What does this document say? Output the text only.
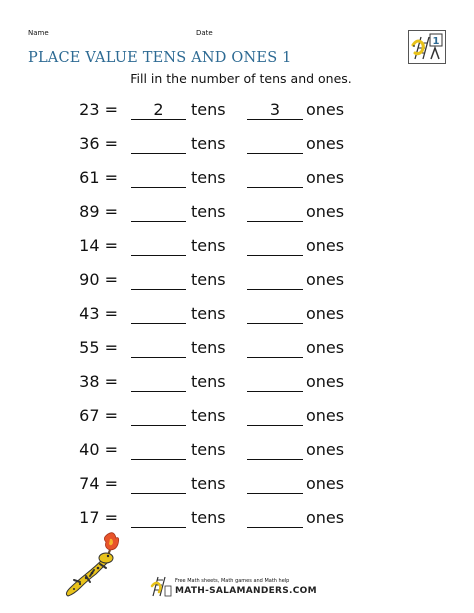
Name	Date
1
PLACE VALUE TENS AND ONES 1
Fill in the number of tens and ones.
23 =	2	tens	3	ones
36 =	tens	ones
61 =	tens	ones
89 =	tens	ones
14 =	tens	ones
90 =	tens	ones
43 =	tens	ones
55 =	tens	ones
38 =	tens	ones
67 =	tens	ones
40 =	tens	ones
74 =	tens	ones
17 =	tens	ones
Free Math sheets, Math games and Math help
MATH-SALAMANDERS.COM
